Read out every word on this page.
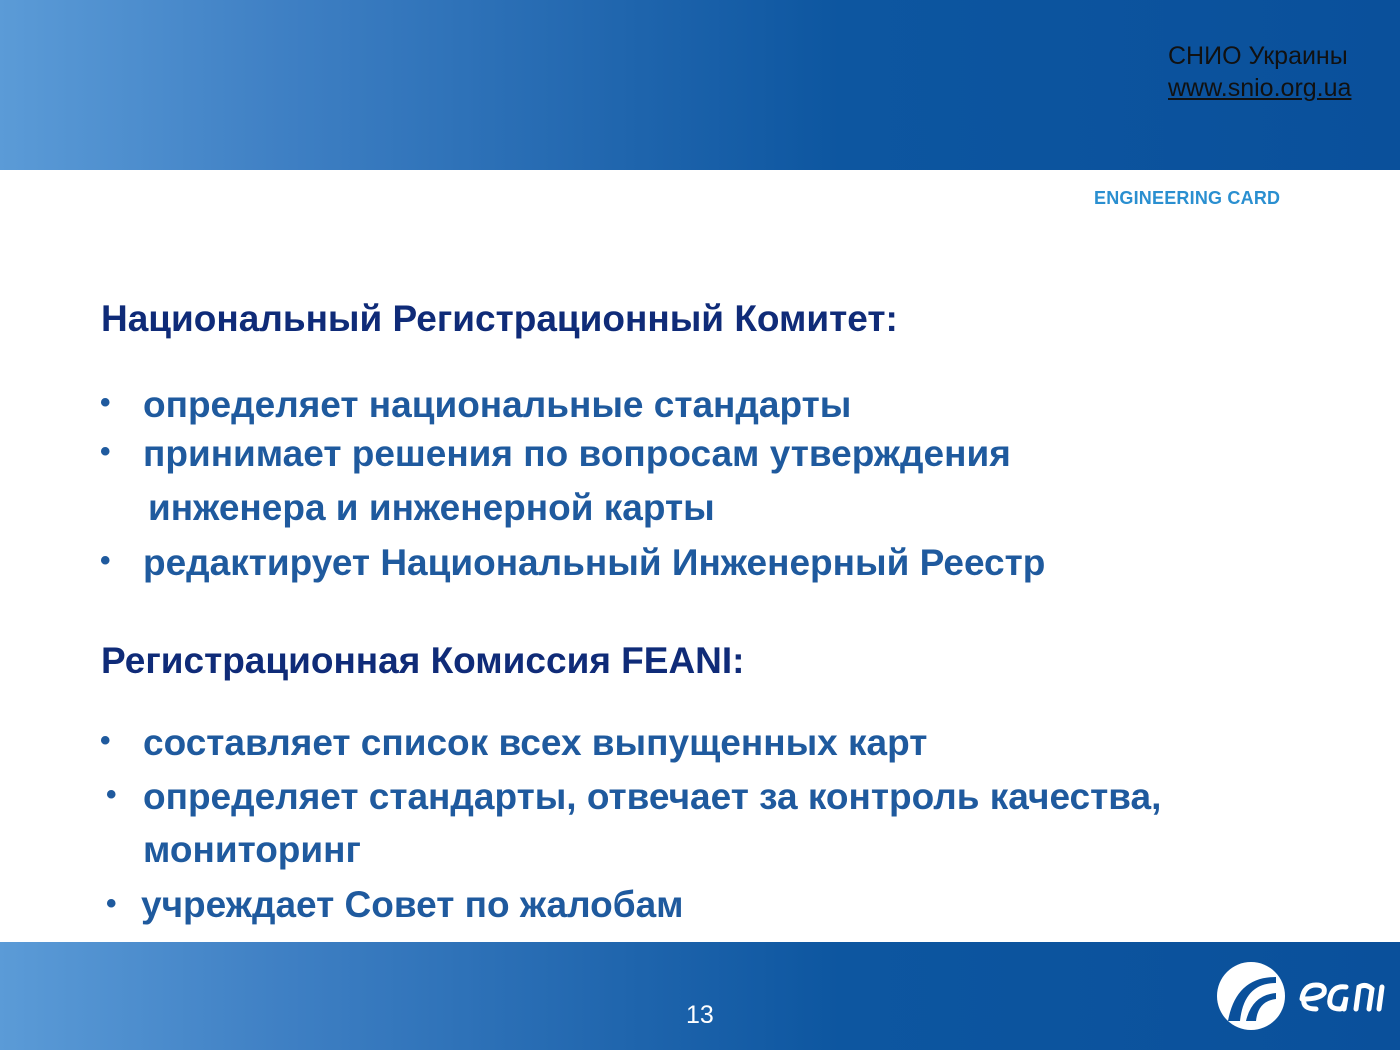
СНИО Украины
www.snio.org.ua
ENGINEERING CARD
Национальный Регистрационный Комитет:
• определяет национальные стандарты
• принимает решения по вопросам утверждения
инженера и инженерной карты
• редактирует Национальный Инженерный Реестр
Регистрационная Комиссия FEANI:
• составляет список всех выпущенных карт
• определяет стандарты, отвечает за контроль качества,
мониторинг
• учреждает Совет по жалобам
13
